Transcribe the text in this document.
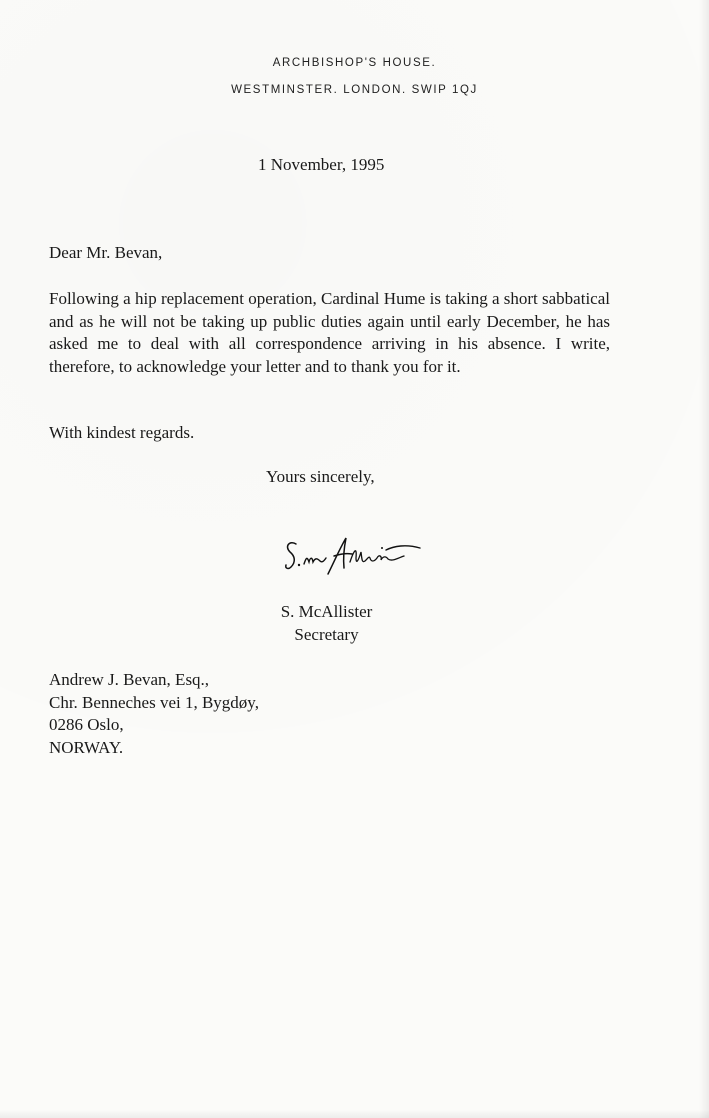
ARCHBISHOP'S HOUSE.
WESTMINSTER. LONDON. SWIP 1QJ
1 November, 1995
Dear Mr. Bevan,
Following a hip replacement operation, Cardinal Hume is taking a short sabbatical and as he will not be taking up public duties again until early December, he has asked me to deal with all correspondence arriving in his absence. I write, therefore, to acknowledge your letter and to thank you for it.
With kindest regards.
Yours sincerely,
S. McAllister
Secretary
Andrew J. Bevan, Esq.,
Chr. Benneches vei 1, Bygdøy,
0286 Oslo,
NORWAY.
